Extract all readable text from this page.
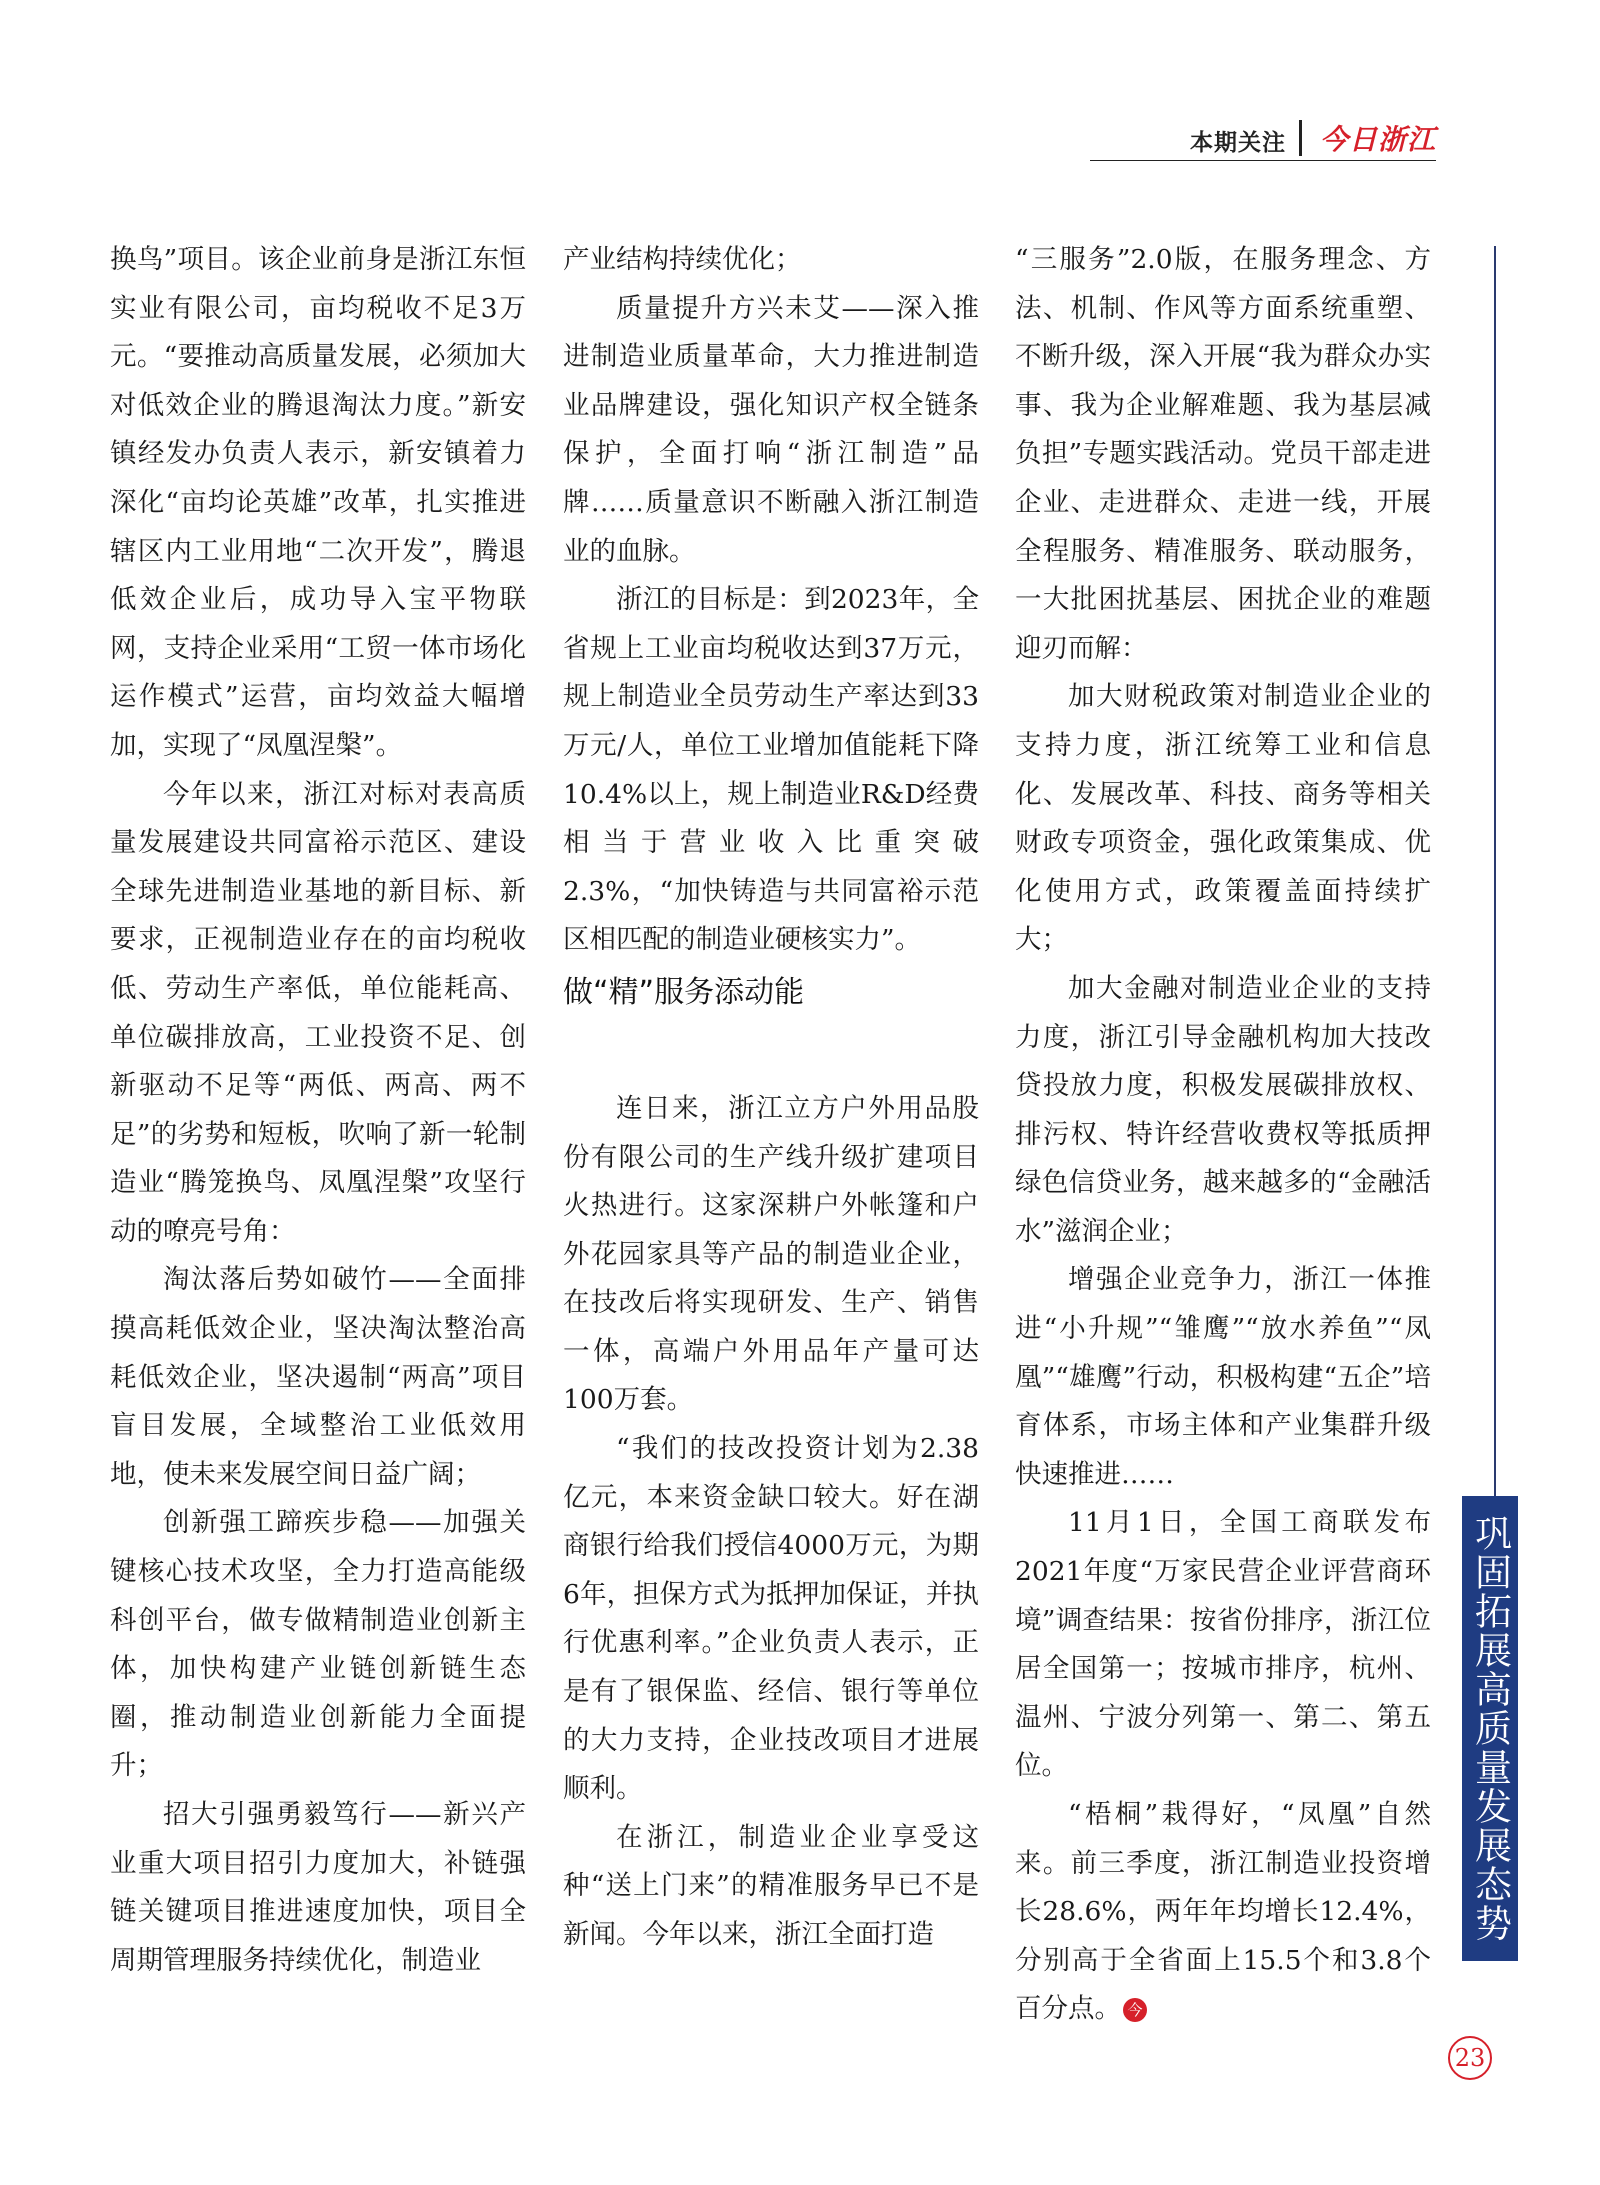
本期关注 今日浙江

换鸟”项目。该企业前身是浙江东恒实业有限公司，亩均税收不足3万元。“要推动高质量发展，必须加大对低效企业的腾退淘汰力度。”新安镇经发办负责人表示，新安镇着力深化“亩均论英雄”改革，扎实推进辖区内工业用地“二次开发”，腾退低效企业后，成功导入宝平物联网，支持企业采用“工贸一体市场化运作模式”运营，亩均效益大幅增加，实现了“凤凰涅槃”。

今年以来，浙江对标对表高质量发展建设共同富裕示范区、建设全球先进制造业基地的新目标、新要求，正视制造业存在的亩均税收低、劳动生产率低，单位能耗高、单位碳排放高，工业投资不足、创新驱动不足等“两低、两高、两不足”的劣势和短板，吹响了新一轮制造业“腾笼换鸟、凤凰涅槃”攻坚行动的嘹亮号角：

淘汰落后势如破竹——全面排摸高耗低效企业，坚决淘汰整治高耗低效企业，坚决遏制“两高”项目盲目发展，全域整治工业低效用地，使未来发展空间日益广阔；

创新强工蹄疾步稳——加强关键核心技术攻坚，全力打造高能级科创平台，做专做精制造业创新主体，加快构建产业链创新链生态圈，推动制造业创新能力全面提升；

招大引强勇毅笃行——新兴产业重大项目招引力度加大，补链强链关键项目推进速度加快，项目全周期管理服务持续优化，制造业

产业结构持续优化；

质量提升方兴未艾——深入推进制造业质量革命，大力推进制造业品牌建设，强化知识产权全链条保护，全面打响“浙江制造”品牌……质量意识不断融入浙江制造业的血脉。

浙江的目标是：到2023年，全省规上工业亩均税收达到37万元，规上制造业全员劳动生产率达到33万元/人，单位工业增加值能耗下降10.4%以上，规上制造业R&D经费相当于营业收入比重突破2.3%，“加快铸造与共同富裕示范区相匹配的制造业硬核实力”。

做“精”服务添动能

连日来，浙江立方户外用品股份有限公司的生产线升级扩建项目火热进行。这家深耕户外帐篷和户外花园家具等产品的制造业企业，在技改后将实现研发、生产、销售一体，高端户外用品年产量可达100万套。

“我们的技改投资计划为2.38亿元，本来资金缺口较大。好在湖商银行给我们授信4000万元，为期6年，担保方式为抵押加保证，并执行优惠利率。”企业负责人表示，正是有了银保监、经信、银行等单位的大力支持，企业技改项目才进展顺利。

在浙江，制造业企业享受这种“送上门来”的精准服务早已不是新闻。今年以来，浙江全面打造

“三服务”2.0版，在服务理念、方法、机制、作风等方面系统重塑、不断升级，深入开展“我为群众办实事、我为企业解难题、我为基层减负担”专题实践活动。党员干部走进企业、走进群众、走进一线，开展全程服务、精准服务、联动服务，一大批困扰基层、困扰企业的难题迎刃而解：

加大财税政策对制造业企业的支持力度，浙江统筹工业和信息化、发展改革、科技、商务等相关财政专项资金，强化政策集成、优化使用方式，政策覆盖面持续扩大；

加大金融对制造业企业的支持力度，浙江引导金融机构加大技改贷投放力度，积极发展碳排放权、排污权、特许经营收费权等抵质押绿色信贷业务，越来越多的“金融活水”滋润企业；

增强企业竞争力，浙江一体推进“小升规”“雏鹰”“放水养鱼”“凤凰”“雄鹰”行动，积极构建“五企”培育体系，市场主体和产业集群升级快速推进……

11月1日，全国工商联发布2021年度“万家民营企业评营商环境”调查结果：按省份排序，浙江位居全国第一；按城市排序，杭州、温州、宁波分列第一、第二、第五位。

“梧桐”栽得好，“凤凰”自然来。前三季度，浙江制造业投资增长28.6%，两年年均增长12.4%，分别高于全省面上15.5个和3.8个百分点。 今

巩固拓展高质量发展态势
23
